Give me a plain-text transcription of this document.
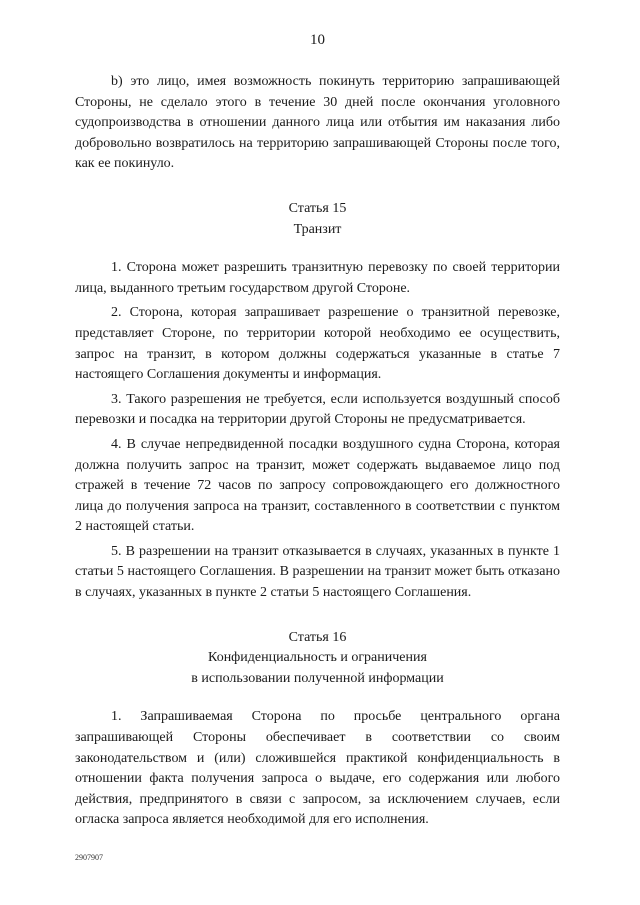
10

b) это лицо, имея возможность покинуть территорию запрашивающей Стороны, не сделало этого в течение 30 дней после окончания уголовного судопроизводства в отношении данного лица или отбытия им наказания либо добровольно возвратилось на территорию запрашивающей Стороны после того, как ее покинуло.

Статья 15
Транзит

1. Сторона может разрешить транзитную перевозку по своей территории лица, выданного третьим государством другой Стороне.

2. Сторона, которая запрашивает разрешение о транзитной перевозке, представляет Стороне, по территории которой необходимо ее осуществить, запрос на транзит, в котором должны содержаться указанные в статье 7 настоящего Соглашения документы и информация.

3. Такого разрешения не требуется, если используется воздушный способ перевозки и посадка на территории другой Стороны не предусматривается.

4. В случае непредвиденной посадки воздушного судна Сторона, которая должна получить запрос на транзит, может содержать выдаваемое лицо под стражей в течение 72 часов по запросу сопровождающего его должностного лица до получения запроса на транзит, составленного в соответствии с пунктом 2 настоящей статьи.

5. В разрешении на транзит отказывается в случаях, указанных в пункте 1 статьи 5 настоящего Соглашения. В разрешении на транзит может быть отказано в случаях, указанных в пункте 2 статьи 5 настоящего Соглашения.

Статья 16
Конфиденциальность и ограничения
в использовании полученной информации

1. Запрашиваемая Сторона по просьбе центрального органа запрашивающей Стороны обеспечивает в соответствии со своим законодательством и (или) сложившейся практикой конфиденциальность в отношении факта получения запроса о выдаче, его содержания или любого действия, предпринятого в связи с запросом, за исключением случаев, если огласка запроса является необходимой для его исполнения.

2907907
